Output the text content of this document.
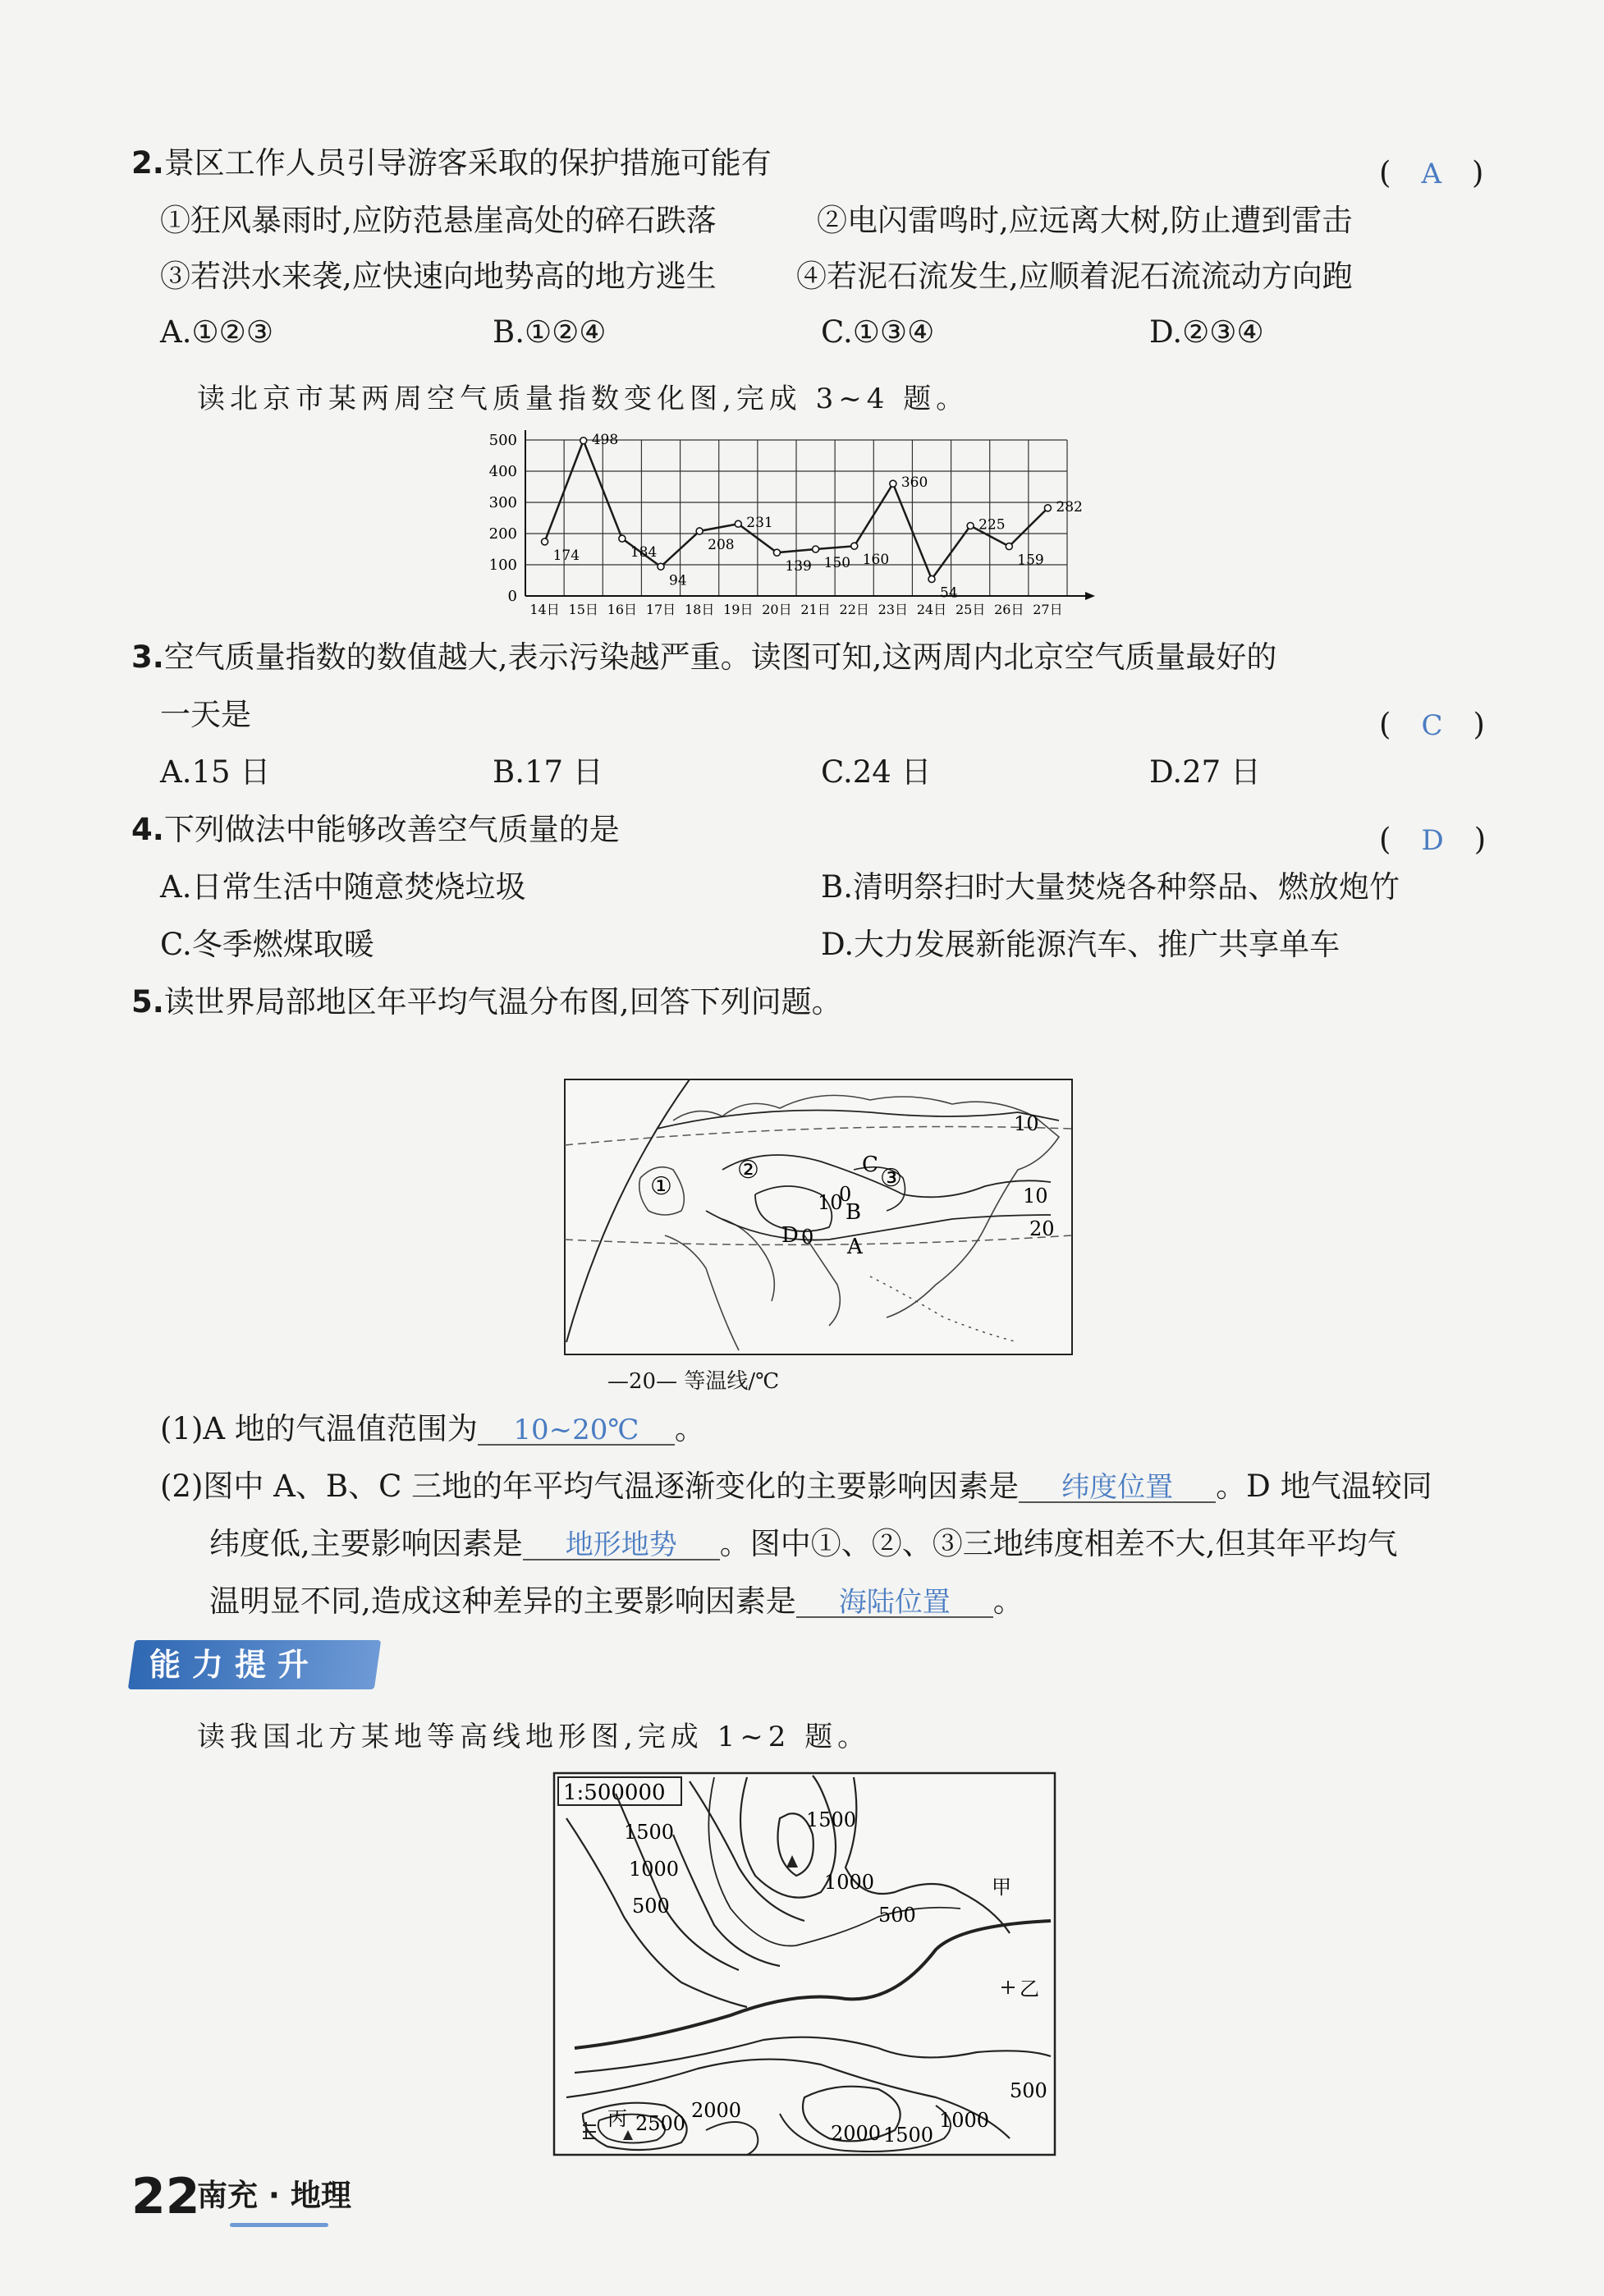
2.景区工作人员引导游客采取的保护措施可能有	(　A　)
①狂风暴雨时,应防范悬崖高处的碎石跌落	②电闪雷鸣时,应远离大树,防止遭到雷击
③若洪水来袭,应快速向地势高的地方逃生	④若泥石流发生,应顺着泥石流流动方向跑
A.①②③	B.①②④	C.①③④	D.②③④
读北京市某两周空气质量指数变化图,完成 3~4 题。
0
100
200
300
400
500
14日 15日 16日 17日 18日 19日 20日 21日 22日 23日 24日 25日 26日 27日
174
498
184
94
208
231
139 150 160
360
54
225
159
282
3.空气质量指数的数值越大,表示污染越严重。读图可知,这两周内北京空气质量最好的
一天是	(　C　)
A.15 日	B.17 日	C.24 日	D.27 日
4.下列做法中能够改善空气质量的是	(　D　)
A.日常生活中随意焚烧垃圾	B.清明祭扫时大量焚烧各种祭品、燃放炮竹
C.冬季燃煤取暖	D.大力发展新能源汽车、推广共享单车
5.读世界局部地区年平均气温分布图,回答下列问题。
①
②	③
C
B
D A
10
10
20
10
0
0
—20— 等温线/℃
(1)A 地的气温值范围为 10~20℃ 。
(2)图中 A、B、C 三地的年平均气温逐渐变化的主要影响因素是 纬度位置 。D 地气温较同
纬度低,主要影响因素是 地形地势 。图中①、②、③三地纬度相差不大,但其年平均气
温明显不同,造成这种差异的主要影响因素是 海陆位置 。
能力提升
读我国北方某地等高线地形图,完成 1~2 题。
1:500000
1500
1000
500
1500
1000
500
甲
乙
丙 2500
2000
2000 1500
1000
500
22
南充 · 地理
